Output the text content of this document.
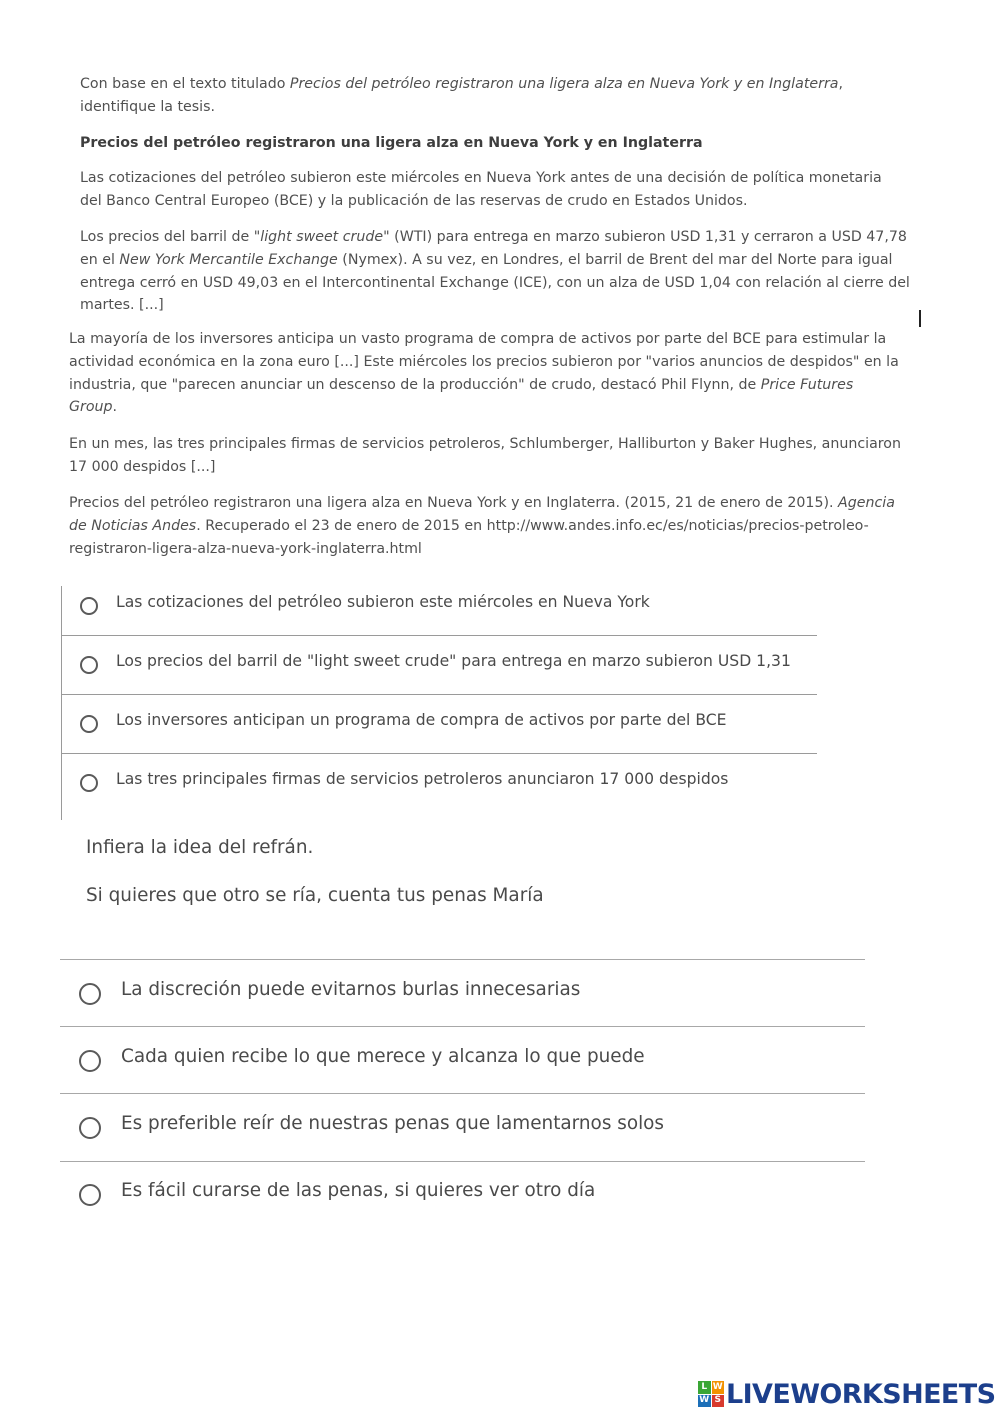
Con base en el texto titulado Precios del petróleo registraron una ligera alza en Nueva York y en Inglaterra,
identifique la tesis.
Precios del petróleo registraron una ligera alza en Nueva York y en Inglaterra
Las cotizaciones del petróleo subieron este miércoles en Nueva York antes de una decisión de política monetaria
del Banco Central Europeo (BCE) y la publicación de las reservas de crudo en Estados Unidos.
Los precios del barril de "light sweet crude" (WTI) para entrega en marzo subieron USD 1,31 y cerraron a USD 47,78
en el New York Mercantile Exchange (Nymex). A su vez, en Londres, el barril de Brent del mar del Norte para igual
entrega cerró en USD 49,03 en el Intercontinental Exchange (ICE), con un alza de USD 1,04 con relación al cierre del
martes. [...]
La mayoría de los inversores anticipa un vasto programa de compra de activos por parte del BCE para estimular la
actividad económica en la zona euro [...] Este miércoles los precios subieron por "varios anuncios de despidos" en la
industria, que "parecen anunciar un descenso de la producción" de crudo, destacó Phil Flynn, de Price Futures
Group.
En un mes, las tres principales firmas de servicios petroleros, Schlumberger, Halliburton y Baker Hughes, anunciaron
17 000 despidos [...]
Precios del petróleo registraron una ligera alza en Nueva York y en Inglaterra. (2015, 21 de enero de 2015). Agencia
de Noticias Andes. Recuperado el 23 de enero de 2015 en http://www.andes.info.ec/es/noticias/precios-petroleo-
registraron-ligera-alza-nueva-york-inglaterra.html
Las cotizaciones del petróleo subieron este miércoles en Nueva York
Los precios del barril de "light sweet crude" para entrega en marzo subieron USD 1,31
Los inversores anticipan un programa de compra de activos por parte del BCE
Las tres principales firmas de servicios petroleros anunciaron 17 000 despidos
Infiera la idea del refrán.
Si quieres que otro se ría, cuenta tus penas María
La discreción puede evitarnos burlas innecesarias
Cada quien recibe lo que merece y alcanza lo que puede
Es preferible reír de nuestras penas que lamentarnos solos
Es fácil curarse de las penas, si quieres ver otro día
L W
W S LIVEWORKSHEETS
